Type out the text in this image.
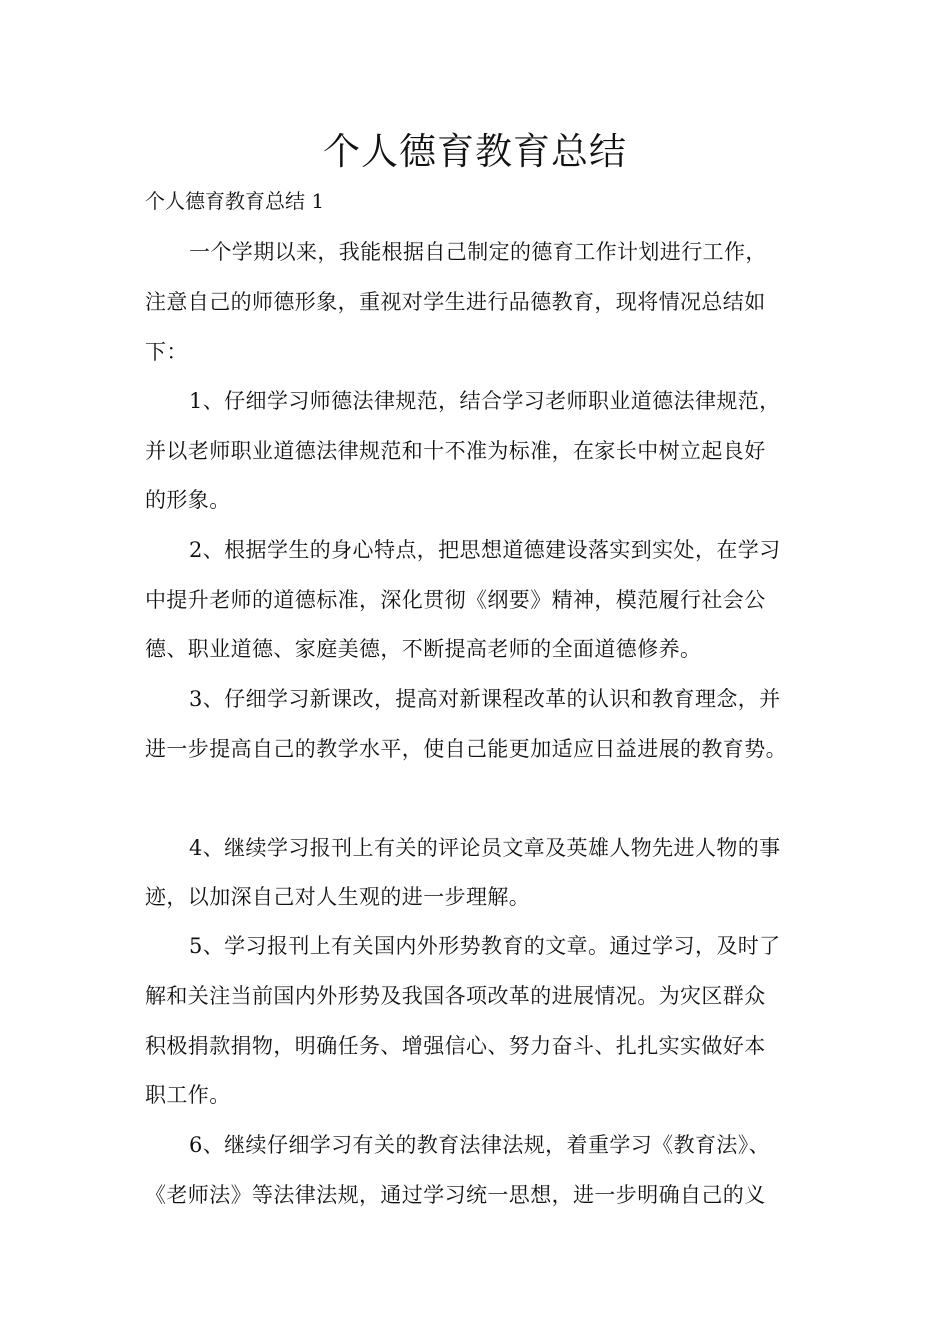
个人德育教育总结
个人德育教育总结 1
一个学期以来，我能根据自己制定的德育工作计划进行工作，
注意自己的师德形象，重视对学生进行品德教育，现将情况总结如
下：
1、仔细学习师德法律规范，结合学习老师职业道德法律规范，
并以老师职业道德法律规范和十不准为标准，在家长中树立起良好
的形象。
2、根据学生的身心特点，把思想道德建设落实到实处，在学习
中提升老师的道德标准，深化贯彻《纲要》精神，模范履行社会公
德、职业道德、家庭美德，不断提高老师的全面道德修养。
3、仔细学习新课改，提高对新课程改革的认识和教育理念，并
进一步提高自己的教学水平，使自己能更加适应日益进展的教育势。
4、继续学习报刊上有关的评论员文章及英雄人物先进人物的事
迹，以加深自己对人生观的进一步理解。
5、学习报刊上有关国内外形势教育的文章。通过学习，及时了
解和关注当前国内外形势及我国各项改革的进展情况。为灾区群众
积极捐款捐物，明确任务、增强信心、努力奋斗、扎扎实实做好本
职工作。
6、继续仔细学习有关的教育法律法规，着重学习《教育法》、
《老师法》等法律法规，通过学习统一思想，进一步明确自己的义
